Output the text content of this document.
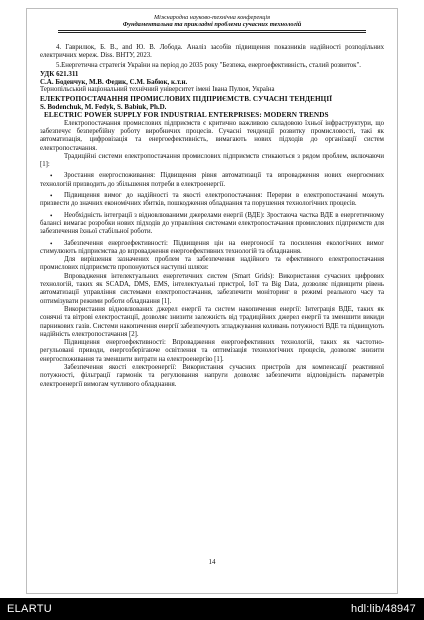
Міжнародна науково-технічна конференція
Фундаментальна та прикладні проблеми сучасних технологій

4. Гаврилюк, Б. В., and Ю. В. Лобода. Аналіз засобів підвищення показників надійності розподільних електричних мереж. Diss. ВНТУ, 2023.

5.Енергетична стратегія України на період до 2035 року "Безпека, енергоефективність, сталий розвиток".

УДК 621.311

С.А. Боденчук, М.В. Федик, С.М. Бабюк, к.т.н.

Тернопільський національний технічний університет імені Івана Пулюя, Україна

ЕЛЕКТРОПОСТАЧАННЯ ПРОМИСЛОВИХ ПІДПРИЄМСТВ. СУЧАСНІ ТЕНДЕНЦІЇ

S. Bodenchuk, M. Fedyk, S. Babiuk, Ph.D.

ELECTRIC POWER SUPPLY FOR INDUSTRIAL ENTERPRISES: MODERN TRENDS

Електропостачання промислових підприємств є критично важливою складовою їхньої інфраструктури, що забезпечує безперебійну роботу виробничих процесів. Сучасні тенденції розвитку промисловості, такі як автоматизація, цифровізація та енергоефективність, вимагають нових підходів до організації систем електропостачання.

Традиційні системи електропостачання промислових підприємств стикаються з рядом проблем, включаючи [1]:

•	Зростання енергоспоживання: Підвищення рівня автоматизації та впровадження нових енергоємних технологій призводить до збільшення потреби в електроенергії.

•	Підвищення вимог до надійності та якості електропостачання: Перерви в електропостачанні можуть призвести до значних економічних збитків, пошкодження обладнання та порушення технологічних процесів.

•	Необхідність інтеграції з відновлюваними джерелами енергії (ВДЕ): Зростаюча частка ВДЕ в енергетичному балансі вимагає розробки нових підходів до управління системами електропостачання промислових підприємств для забезпечення їхньої стабільної роботи.

•	Забезпечення енергоефективності: Підвищення цін на енергоносії та посилення екологічних вимог стимулюють підприємства до впровадження енергоефективних технологій та обладнання.

Для вирішення зазначених проблем та забезпечення надійного та ефективного електропостачання промислових підприємств пропонуються наступні шляхи:

Впровадження інтелектуальних енергетичних систем (Smart Grids): Використання сучасних цифрових технологій, таких як SCADA, DMS, EMS, інтелектуальні пристрої, IoT та Big Data, дозволяє підвищити рівень автоматизації управління системами електропостачання, забезпечити моніторинг в режимі реального часу та оптимізувати режими роботи обладнання [1].

Використання відновлюваних джерел енергії та систем накопичення енергії: Інтеграція ВДЕ, таких як сонячні та вітрові електростанції, дозволяє знизити залежність від традиційних джерел енергії та зменшити викиди парникових газів. Системи накопичення енергії забезпечують згладжування коливань потужності ВДЕ та підвищують надійність електропостачання [2].

Підвищення енергоефективності: Впровадження енергоефективних технологій, таких як частотно-регульовані приводи, енергозберігаюче освітлення та оптимізація технологічних процесів, дозволяє знизити енергоспоживання та зменшити витрати на електроенергію [1].

Забезпечення якості електроенергії: Використання сучасних пристроїв для компенсації реактивної потужності, фільтрації гармонік та регулювання напруги дозволяє забезпечити відповідність параметрів електроенергії вимогам чутливого обладнання.

14
ELARTU	hdl:lib/48947
